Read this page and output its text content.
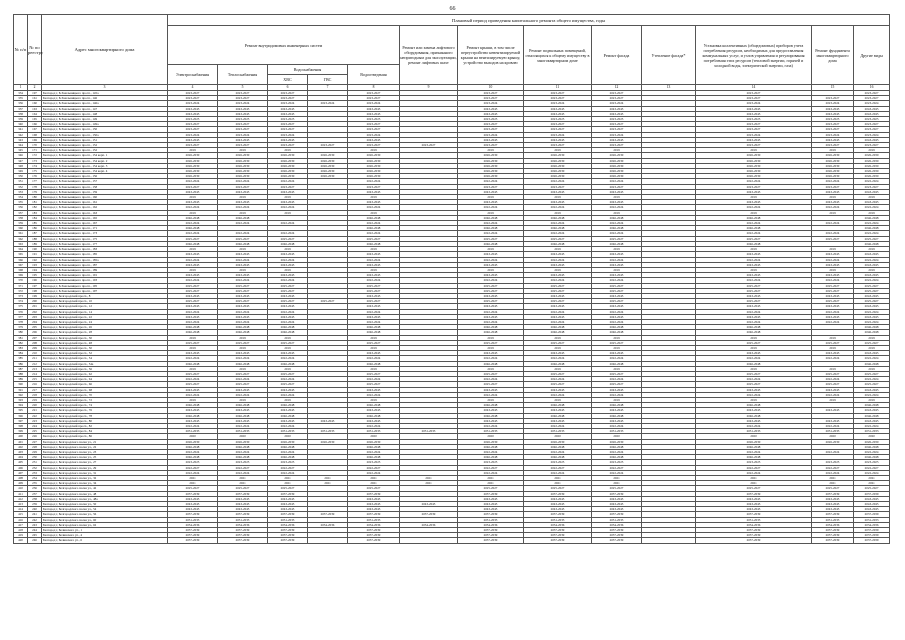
66
№ п/п	№ по реестру	Адрес многоквартирного дома	Плановый период проведения капитального ремонта общего имущества, годы												
			Ремонт внутридомовых инженерных систем					Ремонт или замена лифтового оборудования, признанного непригодным для эксплуатации, ремонт лифтовых шахт	Ремонт крыши, в том числе переустройство невентилируемой крыши на вентилируемую крышу, устройство выходов на кровлю	Ремонт подвальных помещений, относящихся к общему имуществу в многоквартирном доме	Ремонт фасада	Утепление фасада*	Установка коллективных (общедомовых) приборов учета потребления ресурсов, необходимых для предоставления коммунальных услуг, и узлов управления и регулирования потребления этих ресурсов (тепловой энергии, горячей и холодной воды, электрической энергии, газа)	Ремонт фундамента многоквартирного дома	Другие виды
			Электроснабжения	Теплоснабжения	Водоснабжения		Водоотведения								
					ХВС	ГВС									
1	2	3	4	5	6	7	8	9	10	11	12	13	14	15	16
334	197	Белгород г, Б.Хмельницкого просп., 145а	2023-2027	2023-2027	2023-2027		2023-2027		2023-2027	2023-2027	2023-2027		2023-2027		2023-2027
335	161	Белгород г, Б.Хмельницкого просп., 146	2023-2027	2023-2027	2023-2027		2023-2027		2023-2027	2023-2027	2023-2027		2023-2027	2023-2027	2023-2027
336	160	Белгород г, Б.Хмельницкого просп., 146а	2023-2024	2023-2024	2023-2024	2023-2024	2023-2024		2023-2024	2023-2024	2023-2024		2023-2024	2023-2024	2023-2024
337	163	Белгород г, Б.Хмельницкого просп., 147	2043-2045	2043-2045	2043-2045		2043-2045		2043-2045	2043-2045	2043-2045		2043-2045	2043-2045	2043-2045
338	164	Белгород г, Б.Хмельницкого просп., 148	2043-2045	2043-2045	2043-2045		2043-2045		2043-2045	2043-2045	2043-2045		2043-2045	2043-2045	2043-2045
339	165	Белгород г, Б.Хмельницкого просп., 149	2023-2025	2023-2025	2023-2025		2023-2025		2023-2025	2023-2025	2023-2025		2023-2025	2023-2025	2023-2025
340	166	Белгород г, Б.Хмельницкого просп., 149а	2023-2027	2023-2027	2023-2027		2023-2027		2023-2027	2023-2027	2023-2027		2023-2027	2023-2027	2023-2027
341	167	Белгород г, Б.Хмельницкого просп., 150	2023-2027	2023-2027	2023-2027		2023-2027		2023-2027	2023-2027	2023-2027		2023-2027	2023-2027	2023-2027
342	168	Белгород г, Б.Хмельницкого просп., 150а	2023-2024	2023-2024	2023-2024		2023-2024		2023-2024	2023-2024	2023-2024		2023-2024	2023-2024	2023-2024
343	169	Белгород г, Б.Хмельницкого просп., 151	2043-2045	2043-2045	2043-2045		2043-2045		2043-2045	2043-2045	2043-2045		2043-2045	2043-2045	2043-2045
344	170	Белгород г, Б.Хмельницкого просп., 152	2023-2027	2023-2027	2023-2027	2023-2027	2023-2027	2023-2027	2023-2027	2023-2027	2023-2027		2023-2027	2023-2027	2023-2027
345	171	Белгород г, Б.Хмельницкого просп., 152	2019	2019	2019		2019		2019	2019	2019		2019	2019	2019
346	172	Белгород г, Б.Хмельницкого просп., 154 корп. 1	2026-2030	2026-2030	2026-2030	2026-2030	2026-2030		2026-2030	2026-2030	2026-2030		2026-2030	2026-2030	2026-2030
347	173	Белгород г, Б.Хмельницкого просп., 154 корп. 2	2026-2030	2026-2030	2026-2030	2026-2030	2026-2030		2026-2030	2026-2030	2026-2030		2026-2030	2026-2030	2026-2030
348	174	Белгород г, Б.Хмельницкого просп., 154 корп. 3	2026-2030	2026-2030	2026-2030	2026-2030	2026-2030		2026-2030	2026-2030	2026-2030		2026-2030	2026-2030	2026-2030
349	175	Белгород г, Б.Хмельницкого просп., 154 корп. 4	2026-2030	2026-2030	2026-2030	2026-2030	2026-2030		2026-2030	2026-2030	2026-2030		2026-2030	2026-2030	2026-2030
350	176	Белгород г, Б.Хмельницкого просп., 156	2026-2030	2026-2030	2026-2030	2026-2030	2026-2030		2026-2030	2026-2030	2026-2030		2026-2030	2026-2030	2026-2030
351	177	Белгород г, Б.Хмельницкого просп., 157	2022-2024	2022-2024	2022-2024		2022-2024		2022-2024	2022-2024	2022-2024		2022-2024	2022-2024	2022-2024
352	178	Белгород г, Б.Хмельницкого просп., 158	2023-2027	2023-2027	2023-2027		2023-2027		2023-2027	2023-2027	2023-2027		2023-2027	2023-2027	2023-2027
353	179	Белгород г, Б.Хмельницкого просп., 159	2043-2045	2043-2045	2043-2045		2043-2045		2043-2045	2043-2045	2043-2045		2043-2045	2043-2045	2043-2045
354	180	Белгород г, Б.Хмельницкого просп., 160	2019	2019	2019		2019		2019	2019	2019		2019	2019	2019
355	181	Белгород г, Б.Хмельницкого просп., 161	2043-2045	2043-2045	2043-2045		2043-2045		2043-2045	2043-2045	2043-2045		2043-2045	2043-2045	2043-2045
356	182	Белгород г, Б.Хмельницкого просп., 162	2022-2024	2022-2024	2022-2024		2022-2024		2022-2024	2022-2024	2022-2024		2022-2024	2022-2024	2022-2024
357	183	Белгород г, Б.Хмельницкого просп., 163	2019	2019	2019		2019		2019	2019	2019		2019	2019	2019
358	184	Белгород г, Б.Хмельницкого просп., 165	2046-2048	2046-2048			2046-2048		2046-2048	2046-2048	2046-2048		2046-2048		2046-2048
359	185	Белгород г, Б.Хмельницкого просп., 167	2022-2024	2022-2024	2022-2024		2022-2024		2022-2024	2022-2024	2022-2024		2022-2024	2022-2024	2022-2024
360	186	Белгород г, Б.Хмельницкого просп., 171	2046-2048				2046-2048		2046-2048	2046-2048	2046-2048		2046-2048		2046-2048
361	187	Белгород г, Б.Хмельницкого просп., 173	2022-2024	2022-2024	2022-2024		2022-2024		2022-2024	2022-2024	2022-2024		2022-2024	2022-2024	2022-2024
362	188	Белгород г, Б.Хмельницкого просп., 175	2025-2027	2025-2027	2025-2027		2025-2027		2025-2027	2025-2027	2025-2027		2025-2027	2025-2027	2025-2027
363	189	Белгород г, Б.Хмельницкого просп., 177	2046-2048	2046-2048	2046-2048		2046-2048		2046-2048	2046-2048	2046-2048		2046-2048		2046-2048
364	190	Белгород г, Б.Хмельницкого просп., 183	2019	2019	2019		2019		2019	2019	2019		2019	2019	2019
365	191	Белгород г, Б.Хмельницкого просп., 185	2043-2045	2043-2045	2043-2045		2043-2045		2043-2045	2043-2045	2043-2045		2043-2045	2043-2045	2043-2045
366	192	Белгород г, Б.Хмельницкого просп., 185а	2022-2024	2022-2024	2022-2024		2022-2024		2022-2024	2022-2024	2022-2024		2022-2024	2022-2024	2022-2024
367	193	Белгород г, Б.Хмельницкого просп., 187	2043-2045	2043-2045	2043-2045		2043-2045		2043-2045	2043-2045	2043-2045		2043-2045	2043-2045	2043-2045
368	194	Белгород г, Б.Хмельницкого просп., 189	2019	2019	2019		2019		2019	2019	2019		2019	2019	2019
369	195	Белгород г, Б.Хмельницкого просп., 191	2043-2045	2043-2045	2043-2045		2043-2045		2043-2045	2043-2045	2043-2045		2043-2045	2043-2045	2043-2045
370	196	Белгород г, Б.Хмельницкого просп., 193	2022-2024	2022-2024	2022-2024		2022-2024		2022-2024	2022-2024	2022-2024		2022-2024	2022-2024	2022-2024
371	197	Белгород г, Б.Хмельницкого просп., 195	2025-2027	2025-2027	2025-2027		2025-2027		2025-2027	2025-2027	2025-2027		2025-2027	2025-2027	2025-2027
372	198	Белгород г, Б.Хмельницкого просп., 197	2025-2027	2025-2027	2025-2027		2025-2027		2025-2027	2025-2027	2025-2027		2025-2027	2025-2027	2025-2027
373	199	Белгород г, Белгородский просп., 8	2043-2045	2043-2045	2043-2045		2043-2045		2043-2045	2043-2045	2043-2045		2043-2045	2043-2045	2043-2045
374	200	Белгород г, Белгородский просп., 10	2025-2027	2025-2027	2025-2027	2025-2027	2025-2027		2025-2027	2025-2027	2025-2027		2025-2027	2025-2027	2025-2027
375	201	Белгород г, Белгородский просп., 12	2043-2045	2043-2045	2043-2045		2043-2045		2043-2045	2043-2045	2043-2045		2043-2045	2043-2045	2043-2045
376	202	Белгород г, Белгородский просп., 14	2022-2024	2022-2024	2022-2024		2022-2024		2022-2024	2022-2024	2022-2024		2022-2024	2022-2024	2022-2024
377	203	Белгород г, Белгородский просп., 22	2043-2045	2043-2045	2043-2045		2043-2045		2043-2045	2043-2045	2043-2045		2043-2045	2043-2045	2043-2045
378	204	Белгород г, Белгородский просп., 24	2022-2024	2022-2024	2022-2024		2022-2024		2022-2024	2022-2024	2022-2024		2022-2024	2022-2024	2022-2024
379	205	Белгород г, Белгородский просп., 26	2046-2048	2046-2048	2046-2048		2046-2048		2046-2048	2046-2048	2046-2048		2046-2048		2046-2048
380	206	Белгород г, Белгородский просп., 28	2046-2048	2046-2048	2046-2048		2046-2048		2046-2048	2046-2048	2046-2048		2046-2048		2046-2048
381	207	Белгород г, Белгородский просп., 30	2019	2019	2019		2019		2019	2019	2019		2019	2019	2019
382	208	Белгород г, Белгородский просп., 48	2025-2027	2025-2027	2025-2027		2025-2027		2025-2027	2025-2027	2025-2027		2025-2027	2025-2027	2025-2027
383	209	Белгород г, Белгородский просп., 50	2019	2019	2019		2019		2019	2019	2019		2019	2019	2019
384	210	Белгород г, Белгородский просп., 52	2043-2045	2043-2045	2043-2045		2043-2045		2043-2045	2043-2045	2043-2045		2043-2045	2043-2045	2043-2045
385	211	Белгород г, Белгородский просп., 54	2022-2024	2022-2024	2022-2024		2022-2024		2022-2024	2022-2024	2022-2024		2022-2024	2022-2024	2022-2024
386	212	Белгород г, Белгородский просп., 54а	2046-2048	2046-2048	2046-2048		2046-2048		2046-2048	2046-2048	2046-2048		2046-2048		2046-2048
387	213	Белгород г, Белгородский просп., 56	2019	2019	2019		2019		2019	2019	2019		2019	2019	2019
388	214	Белгород г, Белгородский просп., 62	2025-2027	2025-2027	2025-2027		2025-2027		2025-2027	2025-2027	2025-2027		2025-2027	2025-2027	2025-2027
389	215	Белгород г, Белгородский просп., 64	2022-2024	2022-2024	2022-2024		2022-2024		2022-2024	2022-2024	2022-2024		2022-2024	2022-2024	2022-2024
390	216	Белгород г, Белгородский просп., 66	2025-2027	2025-2027	2025-2027		2025-2027		2025-2027	2025-2027	2025-2027		2025-2027	2025-2027	2025-2027
391	217	Белгород г, Белгородский просп., 68	2043-2045	2043-2045	2043-2045		2043-2045		2043-2045	2043-2045	2043-2045		2043-2045	2043-2045	2043-2045
392	218	Белгород г, Белгородский просп., 70	2022-2024	2022-2024	2022-2024		2022-2024		2022-2024	2022-2024	2022-2024		2022-2024	2022-2024	2022-2024
393	219	Белгород г, Белгородский просп., 72	2019	2019	2019		2019		2019	2019	2019		2019	2019	2019
394	220	Белгород г, Белгородский просп., 74	2046-2048	2046-2048	2046-2048		2046-2048		2046-2048	2046-2048	2046-2048		2046-2048		2046-2048
395	221	Белгород г, Белгородский просп., 76	2043-2045	2043-2045	2043-2045		2043-2045		2043-2045	2043-2045	2043-2045		2043-2045	2043-2045	2043-2045
396	222	Белгород г, Белгородский просп., 78	2046-2048	2046-2048	2046-2048		2046-2048		2046-2048	2046-2048	2046-2048		2046-2048		2046-2048
397	223	Белгород г, Белгородский просп., 80	2043-2045	2043-2045	2043-2045	2043-2045	2043-2045		2043-2045	2043-2045	2043-2045		2043-2045	2043-2045	2043-2045
398	224	Белгород г, Белгородский просп., 82	2022-2024	2022-2024	2022-2024		2022-2024		2022-2024	2022-2024	2022-2024		2022-2024	2022-2024	2022-2024
399	225	Белгород г, Белгородский просп., 84	2031-2033	2031-2033	2031-2033	2031-2033	2031-2033	2031-2033	2031-2033	2031-2033	2031-2033		2031-2033	2031-2033	2031-2033
400	226	Белгород г, Белгородский просп., 86	2020	2020	2020		2020		2020	2020	2020		2020	2020	2020
401	227	Белгород г, Белгородского полка ул., 21	2026-2030	2026-2030	2026-2030	2026-2030	2026-2030		2026-2030	2026-2030	2026-2030		2026-2030	2026-2030	2026-2030
402	228	Белгород г, Белгородского полка ул., 22	2046-2048	2046-2048	2046-2048		2046-2048		2046-2048	2046-2048	2046-2048		2046-2048		2046-2048
403	229	Белгород г, Белгородского полка ул., 23	2022-2024	2022-2024	2022-2024		2022-2024		2022-2024	2022-2024	2022-2024		2022-2024	2022-2024	2022-2024
404	230	Белгород г, Белгородского полка ул., 25	2046-2048	2046-2048	2046-2048		2046-2048		2046-2048	2046-2048	2046-2048		2046-2048		2046-2048
405	231	Белгород г, Белгородского полка ул., 27	2023-2025	2023-2025	2023-2025		2023-2025		2023-2025	2023-2025	2023-2025		2023-2025	2023-2025	2023-2025
406	232	Белгород г, Белгородского полка ул., 29	2022-2027	2022-2027	2022-2027		2022-2027		2022-2027	2022-2027	2022-2027		2022-2027	2022-2027	2022-2027
407	233	Белгород г, Белгородского полка ул., 31	2022-2024	2022-2024	2022-2024		2022-2024		2022-2024	2022-2024	2022-2024		2022-2024	2022-2024	2022-2024
408	234	Белгород г, Белгородского полка ул., 32	2021	2021	2021	2021	2021	2021	2021	2021	2021		2021	2021	2021
409	235	Белгород г, Белгородского полка ул., 34	2021	2021	2021	2021	2021	2021	2021	2021	2021		2021	2021	2021
410	236	Белгород г, Белгородского полка ул., 42	2025-2027	2025-2027	2025-2027		2025-2027		2025-2027	2025-2027	2025-2027		2025-2027	2025-2027	2025-2027
411	237	Белгород г, Белгородского полка ул., 48	2037-2039	2037-2039	2037-2039		2037-2039		2037-2039	2037-2039	2037-2039		2037-2039	2037-2039	2037-2039
412	238	Белгород г, Белгородского полка ул., 48а	2043-2045	2043-2045	2043-2045		2043-2045		2043-2045	2043-2045	2043-2045		2043-2045	2043-2045	2043-2045
413	239	Белгород г, Белгородского полка ул., 50	2043-2045	2043-2045	2043-2045		2043-2045	2043-2045	2043-2045	2043-2045	2043-2045		2043-2045	2043-2045	2043-2045
414	240	Белгород г, Белгородского полка ул., 54	2043-2045	2043-2045	2043-2045		2043-2045		2043-2045	2043-2045	2043-2045		2043-2045	2043-2045	2043-2045
415	241	Белгород г, Белгородского полка ул., 56	2037-2039	2037-2039	2037-2039	2037-2039	2037-2039	2037-2039	2037-2039	2037-2039	2037-2039		2037-2039	2037-2039	2037-2039
416	242	Белгород г, Белгородского полка ул., 60	2031-2033	2031-2033	2031-2033		2031-2033		2031-2033	2031-2033	2031-2033		2031-2033	2031-2033	2031-2033
417	243	Белгород г, Белгородского полка ул., 62	2034-2036	2034-2036	2034-2036	2034-2036	2034-2036	2034-2036	2034-2036	2034-2036	2034-2036		2034-2036	2034-2036	2034-2036
418	244	Белгород г, Белинского ул., 1	2037-2039	2037-2039	2037-2039		2037-2039		2037-2039	2037-2039	2037-2039		2037-2039	2037-2039	2037-2039
419	245	Белгород г, Белинского ул., 4	2037-2039	2037-2039	2037-2039		2037-2039		2037-2039	2037-2039	2037-2039		2037-2039	2037-2039	2037-2039
420	246	Белгород г, Белинского ул., 6	2037-2039	2037-2039	2037-2039		2037-2039		2037-2039	2037-2039	2037-2039		2037-2039	2037-2039	2037-2039
